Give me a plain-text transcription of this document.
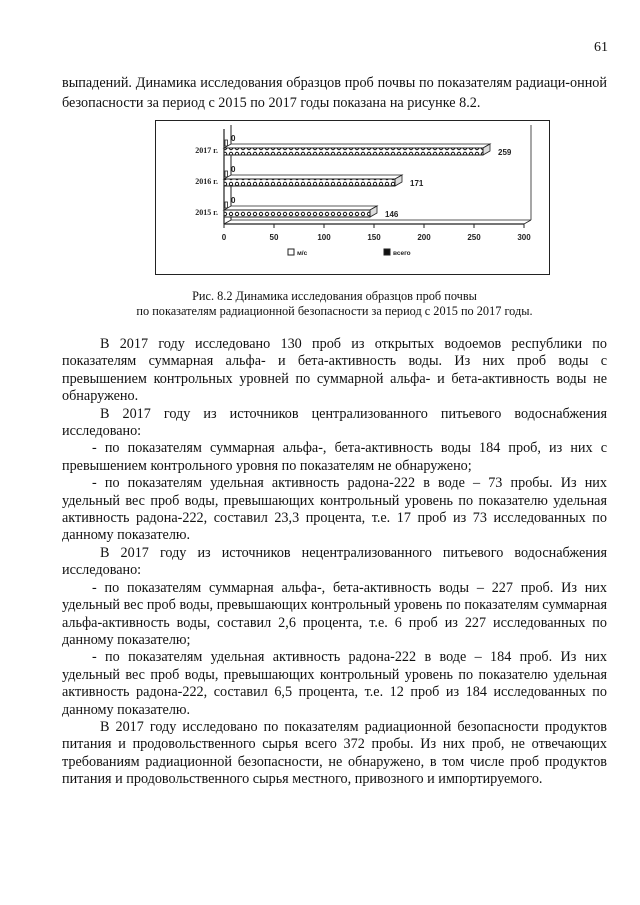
61
выпадений. Динамика исследования образцов проб почвы по показателям радиаци-онной безопасности за период с 2015 по 2017 годы показана на рисунке 8.2.
0	50	100	150	200	250	300
2017 г.
0
259
2016 г.
0
171
2015 г.
0
146
м/с	всего
Рис. 8.2 Динамика исследования образцов проб почвы
по показателям радиационной безопасности за период с 2015 по 2017 годы.

В 2017 году исследовано 130 проб из открытых водоемов республики по показателям суммарная альфа- и бета-активность воды. Из них проб воды с превышением контрольных уровней по суммарной альфа- и бета-активность воды не обнаружено.

В 2017 году из источников централизованного питьевого водоснабжения исследовано:

- по показателям суммарная альфа-, бета-активность воды 184 проб, из них с превышением контрольного уровня по показателям не обнаружено;

- по показателям удельная активность радона-222 в воде – 73 пробы. Из них удельный вес проб воды, превышающих контрольный уровень по показателю удельная активность радона-222, составил 23,3 процента, т.е. 17 проб из 73 исследованных по данному показателю.

В 2017 году из источников нецентрализованного питьевого водоснабжения исследовано:

- по показателям суммарная альфа-, бета-активность воды – 227 проб. Из них удельный вес проб воды, превышающих контрольный уровень по показателям суммарная альфа-активность воды, составил 2,6 процента, т.е. 6 проб из 227 исследованных по данному показателю;

- по показателям удельная активность радона-222 в воде – 184 проб. Из них удельный вес проб воды, превышающих контрольный уровень по показателю удельная активность радона-222, составил 6,5 процента, т.е. 12 проб из 184 исследованных по данному показателю.

В 2017 году исследовано по показателям радиационной безопасности продуктов питания и продовольственного сырья всего 372 пробы. Из них проб, не отвечающих требованиям радиационной безопасности, не обнаружено, в том числе проб продуктов питания и продовольственного сырья местного, привозного и импортируемого.
